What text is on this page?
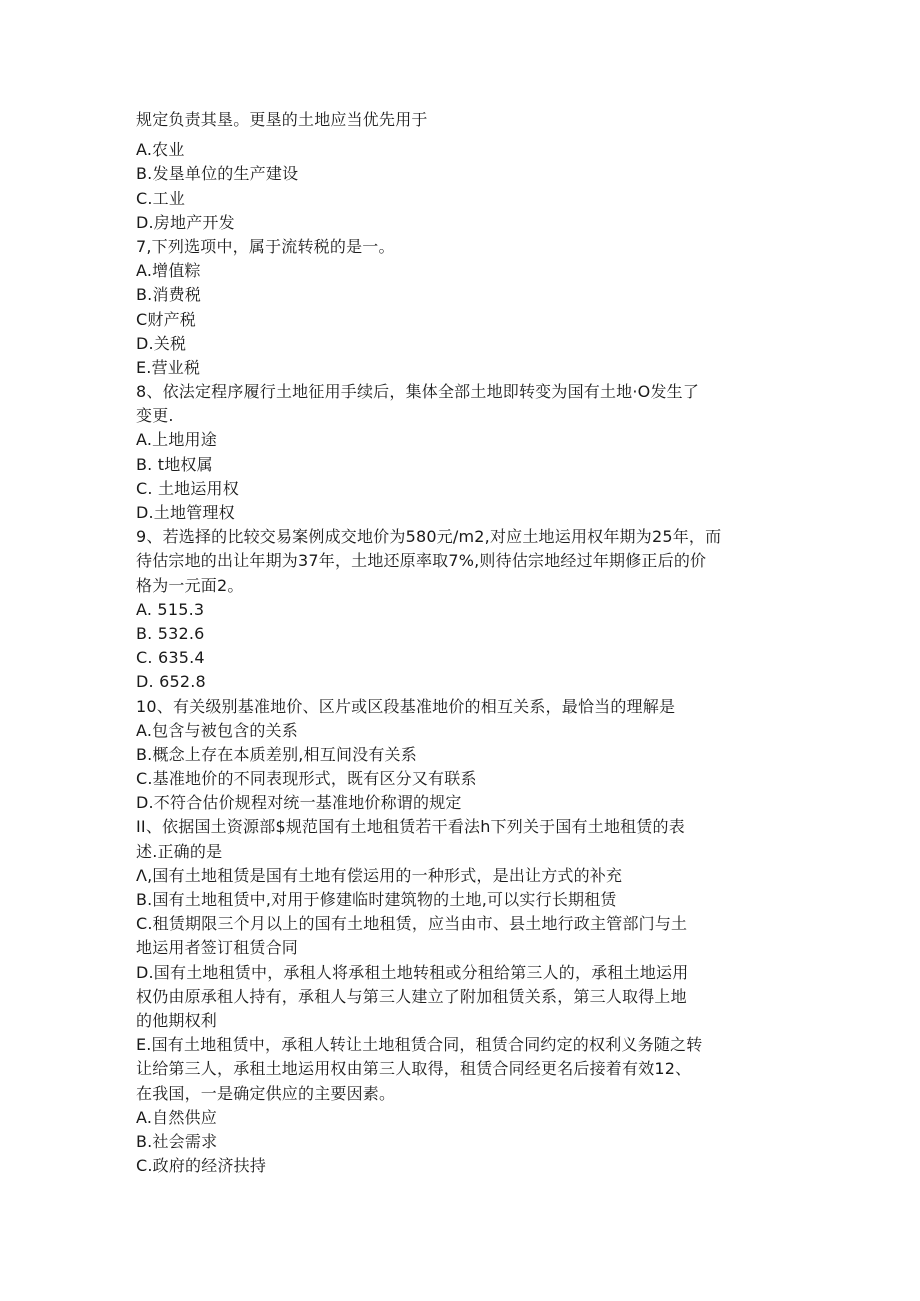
规定负责其垦。更垦的土地应当优先用于
A.农业
B.发垦单位的生产建设
C.工业
D.房地产开发
7,下列选项中，属于流转税的是一。
A.增值粽
B.消费税
C财产税
D.关税
E.营业税
8、依法定程序履行土地征用手续后，集体全部土地即转变为国有土地·O发生了
变更.
A.上地用途
B. t地权属
C. 土地运用权
D.土地管理权
9、若选择的比较交易案例成交地价为580元/m2,对应土地运用权年期为25年，而
待估宗地的出让年期为37年，土地还原率取7%,则待估宗地经过年期修正后的价
格为一元面2。
A. 515.3
B. 532.6
C. 635.4
D. 652.8
10、有关级别基准地价、区片或区段基准地价的相互关系，最恰当的理解是
A.包含与被包含的关系
B.概念上存在本质差别,相互间没有关系
C.基准地价的不同表现形式，既有区分又有联系
D.不符合估价规程对统一基准地价称谓的规定
II、依据国土资源部$规范国有土地租赁若干看法h下列关于国有土地租赁的表
述.正确的是
Λ,国有土地租赁是国有土地有偿运用的一种形式，是出让方式的补充
B.国有土地租赁中,对用于修建临时建筑物的土地,可以实行长期租赁
C.租赁期限三个月以上的国有土地租赁，应当由市、县土地行政主管部门与土
地运用者签订租赁合同
D.国有土地租赁中，承租人将承租土地转租或分租给第三人的，承租土地运用
权仍由原承租人持有，承租人与第三人建立了附加租赁关系，第三人取得上地
的他期权利
E.国有土地租赁中，承租人转让土地租赁合同，租赁合同约定的权利义务随之转
让给第三人，承租土地运用权由第三人取得，租赁合同经更名后接着有效12、
在我国，一是确定供应的主要因素。
A.自然供应
B.社会需求
C.政府的经济扶持
